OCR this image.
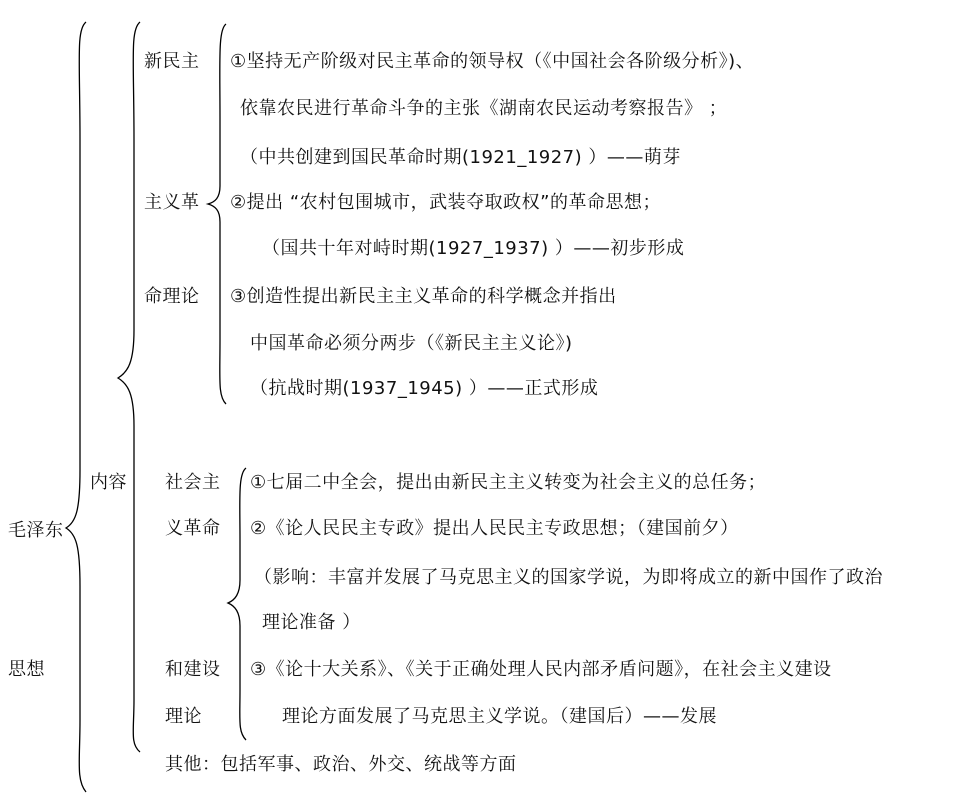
毛泽东
思想
内容
新民主
主义革
命理论
①坚持无产阶级对民主革命的领导权（《中国社会各阶级分析》)、
依靠农民进行革命斗争的主张《湖南农民运动考察报告》 ；
（中共创建到国民革命时期(1921_1927) ）——萌芽
②提出 “农村包围城市，武装夺取政权”的革命思想；
（国共十年对峙时期(1927_1937) ）——初步形成
③创造性提出新民主主义革命的科学概念并指出
中国革命必须分两步（《新民主主义论》)
（抗战时期(1937_1945) ）——正式形成
社会主
义革命
和建设
理论
①七届二中全会，提出由新民主主义转变为社会主义的总任务；
②《论人民民主专政》提出人民民主专政思想；（建国前夕）
（影响：丰富并发展了马克思主义的国家学说，为即将成立的新中国作了政治
理论准备 ）
③《论十大关系》、《关于正确处理人民内部矛盾问题》，在社会主义建设
理论方面发展了马克思主义学说。（建国后）——发展
其他：包括军事、政治、外交、统战等方面
